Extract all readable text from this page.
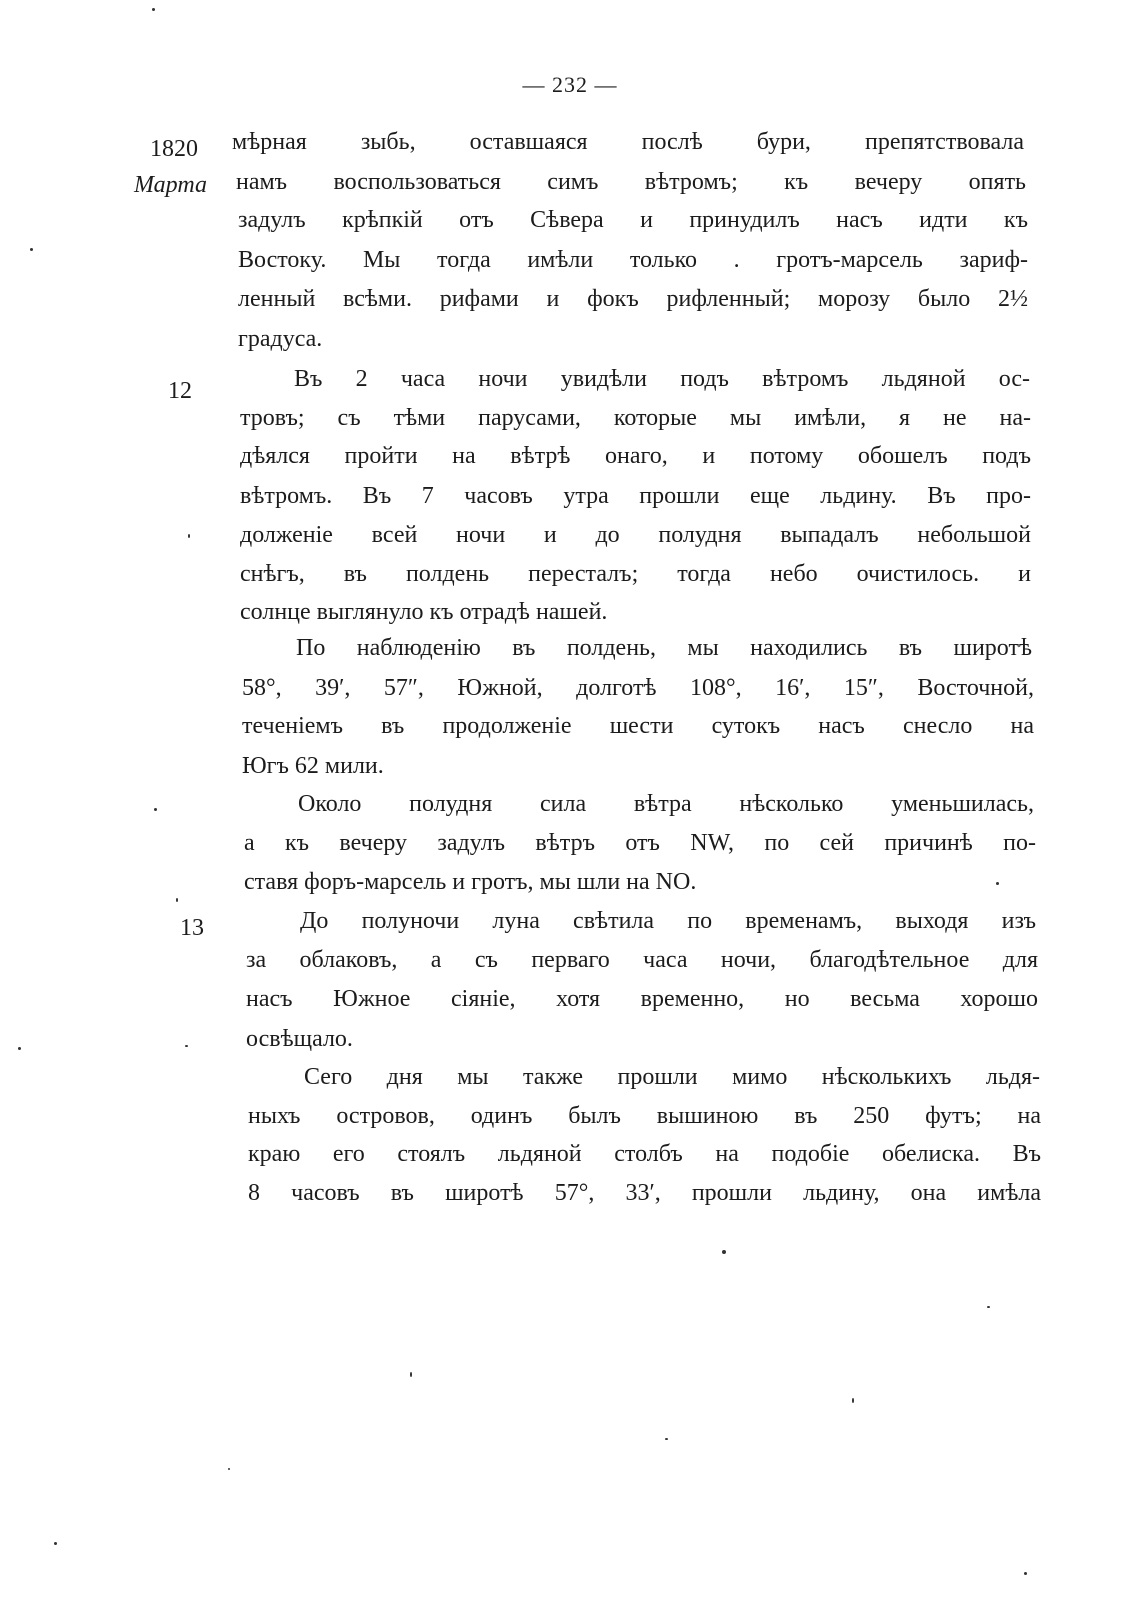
— 232 —
1820
Марта
12
13
мѣрная зыбь, оставшаяся послѣ бури, препятствовала
намъ воспользоваться симъ вѣтромъ; къ вечеру опять
задулъ крѣпкій отъ Сѣвера и принудилъ насъ идти къ
Востоку. Мы тогда имѣли только . гротъ-марсель зариф-
ленный всѣми. рифами и фокъ рифленный; морозу было 2½
градуса.
Въ 2 часа ночи увидѣли подъ вѣтромъ льдяной ос-
тровъ; съ тѣми парусами, которые мы имѣли, я не на-
дѣялся пройти на вѣтрѣ онаго, и потому обошелъ подъ
вѣтромъ. Въ 7 часовъ утра прошли еще льдину. Въ про-
долженіе всей ночи и до полудня выпадалъ небольшой
снѣгъ, въ полдень пересталъ; тогда небо очистилось. и
солнце выглянуло къ отрадѣ нашей.
По наблюденію въ полдень, мы находились въ широтѣ
58°, 39′, 57″, Южной, долготѣ 108°, 16′, 15″, Восточной,
теченіемъ въ продолженіе шести сутокъ насъ снесло на
Югъ 62 мили.
Около полудня сила вѣтра нѣсколько уменьшилась,
а къ вечеру задулъ вѣтръ отъ NW, по сей причинѣ по-
ставя форъ-марсель и гротъ, мы шли на NO.
До полуночи луна свѣтила по временамъ, выходя изъ
за облаковъ, а съ перваго часа ночи, благодѣтельное для
насъ Южное сіяніе, хотя временно, но весьма хорошо
освѣщало.
Сего дня мы также прошли мимо нѣсколькихъ льдя-
ныхъ островов, одинъ былъ вышиною въ 250 футъ; на
краю его стоялъ льдяной столбъ на подобіе обелиска. Въ
8 часовъ въ широтѣ 57°, 33′, прошли льдину, она имѣла
